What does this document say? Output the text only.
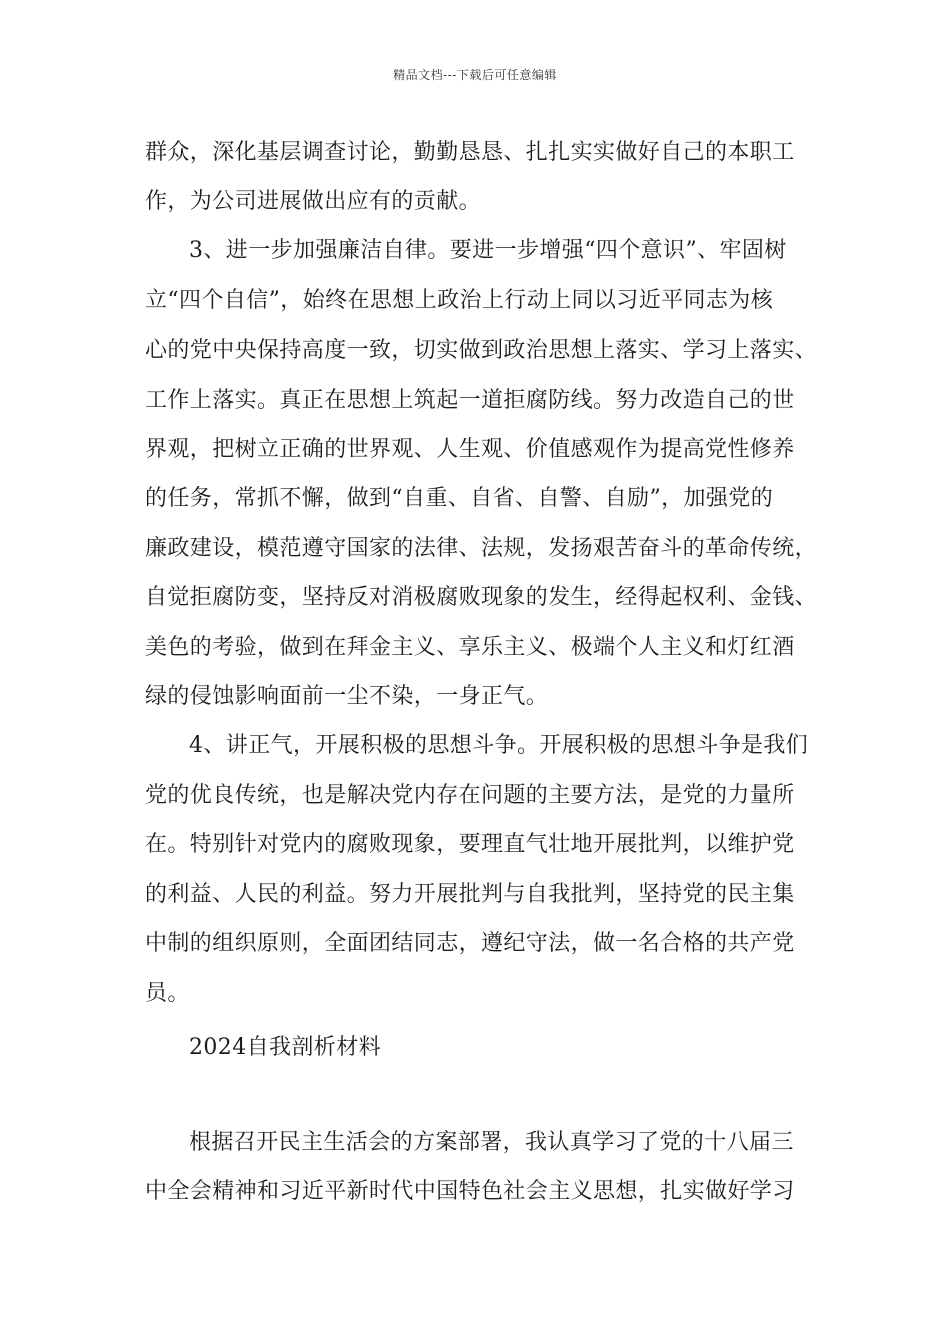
精品文档---下载后可任意编辑
群众，深化基层调查讨论，勤勤恳恳、扎扎实实做好自己的本职工
作，为公司进展做出应有的贡献。
3、进一步加强廉洁自律。要进一步增强“四个意识”、牢固树
立“四个自信”，始终在思想上政治上行动上同以习近平同志为核
心的党中央保持高度一致，切实做到政治思想上落实、学习上落实、
工作上落实。真正在思想上筑起一道拒腐防线。努力改造自己的世
界观，把树立正确的世界观、人生观、价值感观作为提高党性修养
的任务，常抓不懈，做到“自重、自省、自警、自励”，加强党的
廉政建设，模范遵守国家的法律、法规，发扬艰苦奋斗的革命传统，
自觉拒腐防变，坚持反对消极腐败现象的发生，经得起权利、金钱、
美色的考验，做到在拜金主义、享乐主义、极端个人主义和灯红酒
绿的侵蚀影响面前一尘不染，一身正气。
4、讲正气，开展积极的思想斗争。开展积极的思想斗争是我们
党的优良传统，也是解决党内存在问题的主要方法，是党的力量所
在。特别针对党内的腐败现象，要理直气壮地开展批判，以维护党
的利益、人民的利益。努力开展批判与自我批判，坚持党的民主集
中制的组织原则，全面团结同志，遵纪守法，做一名合格的共产党
员。
2024自我剖析材料
根据召开民主生活会的方案部署，我认真学习了党的十八届三
中全会精神和习近平新时代中国特色社会主义思想，扎实做好学习
